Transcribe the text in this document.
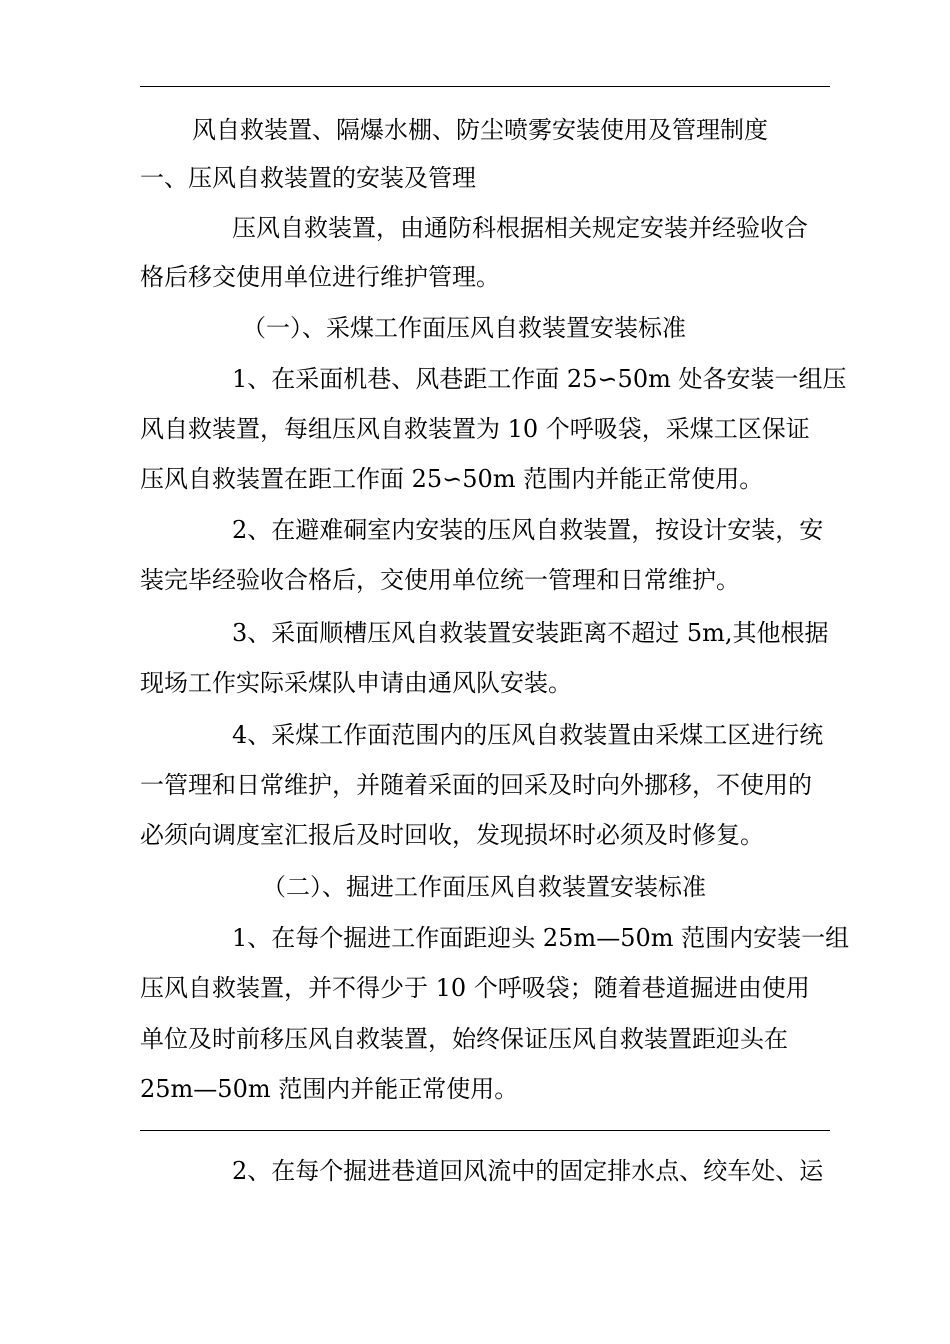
风自救装置、隔爆水棚、防尘喷雾安装使用及管理制度
一、压风自救装置的安装及管理
压风自救装置，由通防科根据相关规定安装并经验收合
格后移交使用单位进行维护管理。
（一）、采煤工作面压风自救装置安装标准
1、在采面机巷、风巷距工作面 25∽50m 处各安装一组压
风自救装置，每组压风自救装置为 10 个呼吸袋，采煤工区保证
压风自救装置在距工作面 25∽50m 范围内并能正常使用。
2、在避难硐室内安装的压风自救装置，按设计安装，安
装完毕经验收合格后，交使用单位统一管理和日常维护。
3、采面顺槽压风自救装置安装距离不超过 5m,其他根据
现场工作实际采煤队申请由通风队安装。
4、采煤工作面范围内的压风自救装置由采煤工区进行统
一管理和日常维护，并随着采面的回采及时向外挪移，不使用的
必须向调度室汇报后及时回收，发现损坏时必须及时修复。
（二）、掘进工作面压风自救装置安装标准
1、在每个掘进工作面距迎头 25m—50m 范围内安装一组
压风自救装置，并不得少于 10 个呼吸袋；随着巷道掘进由使用
单位及时前移压风自救装置，始终保证压风自救装置距迎头在
25m—50m 范围内并能正常使用。
2、在每个掘进巷道回风流中的固定排水点、绞车处、运
